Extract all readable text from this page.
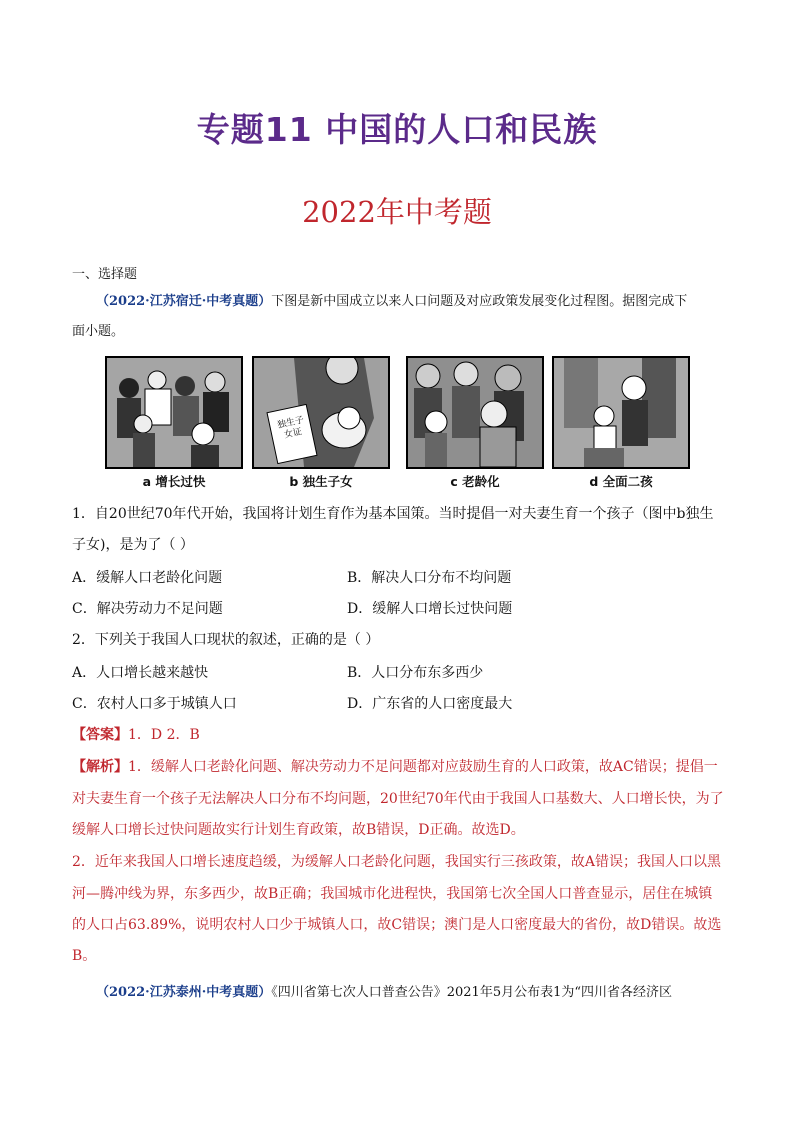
专题11 中国的人口和民族
2022年中考题
一、选择题
（2022·江苏宿迁·中考真题）下图是新中国成立以来人口问题及对应政策发展变化过程图。据图完成下
面小题。
独生子女证
a 增长过快	b 独生子女	c 老龄化	d 全面二孩
1．自20世纪70年代开始，我国将计划生育作为基本国策。当时提倡一对夫妻生育一个孩子（图中b独生
子女)，是为了（ ）
A．缓解人口老龄化问题	B．解决人口分布不均问题
C．解决劳动力不足问题	D．缓解人口增长过快问题
2．下列关于我国人口现状的叙述，正确的是（ ）
A．人口增长越来越快	B．人口分布东多西少
C．农村人口多于城镇人口	D．广东省的人口密度最大
【答案】1．D 2．B
【解析】1．缓解人口老龄化问题、解决劳动力不足问题都对应鼓励生育的人口政策，故AC错误；提倡一
对夫妻生育一个孩子无法解决人口分布不均问题，20世纪70年代由于我国人口基数大、人口增长快，为了
缓解人口增长过快问题故实行计划生育政策，故B错误，D正确。故选D。
2．近年来我国人口增长速度趋缓，为缓解人口老龄化问题，我国实行三孩政策，故A错误；我国人口以黑
河—腾冲线为界，东多西少，故B正确；我国城市化进程快，我国第七次全国人口普查显示，居住在城镇
的人口占63.89%，说明农村人口少于城镇人口，故C错误；澳门是人口密度最大的省份，故D错误。故选
B。
（2022·江苏泰州·中考真题）《四川省第七次人口普查公告》2021年5月公布表1为“四川省各经济区
